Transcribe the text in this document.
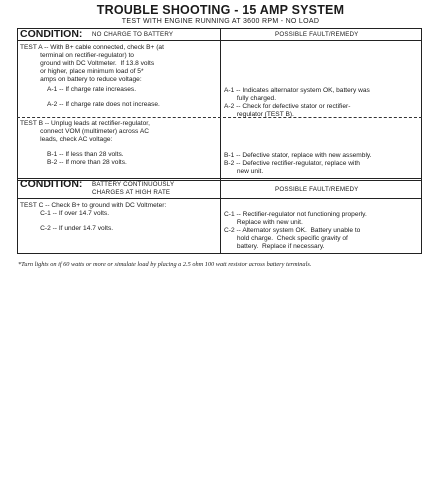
TROUBLE SHOOTING - 15 AMP SYSTEM
TEST WITH ENGINE RUNNING AT 3600 RPM - NO LOAD
CONDITION: NO CHARGE TO BATTERY	POSSIBLE FAULT/REMEDY
TEST A -- With B+ cable connected, check B+ (at
terminal on rectifier-regulator) to
ground with DC Voltmeter.  If 13.8 volts
or higher, place minimum load of 5*
amps on battery to reduce voltage:
A-1 -- If charge rate increases.
A-2 -- If charge rate does not increase.
A-1 -- Indicates alternator system OK, battery was
fully charged.
A-2 -- Check for defective stator or rectifier-
regulator (TEST B).
TEST B -- Unplug leads at rectifier-regulator,
connect VOM (multimeter) across AC
leads, check AC voltage:
B-1 -- If less than 28 volts.
B-2 -- If more than 28 volts.
B-1 -- Defective stator, replace with new assembly.
B-2 -- Defective rectifier-regulator, replace with
new unit.
CONDITION: BATTERY CONTINUOUSLY
CHARGES AT HIGH RATE	POSSIBLE FAULT/REMEDY
TEST C -- Check B+ to ground with DC Voltmeter:
C-1 -- If over 14.7 volts.
C-2 -- If under 14.7 volts.
C-1 -- Rectifier-regulator not functioning properly.
Replace with new unit.
C-2 -- Alternator system OK.  Battery unable to
hold charge.  Check specific gravity of
battery.  Replace if necessary.
*Turn lights on if 60 watts or more or simulate load by placing a 2.5 ohm 100 watt resistor across battery terminals.
